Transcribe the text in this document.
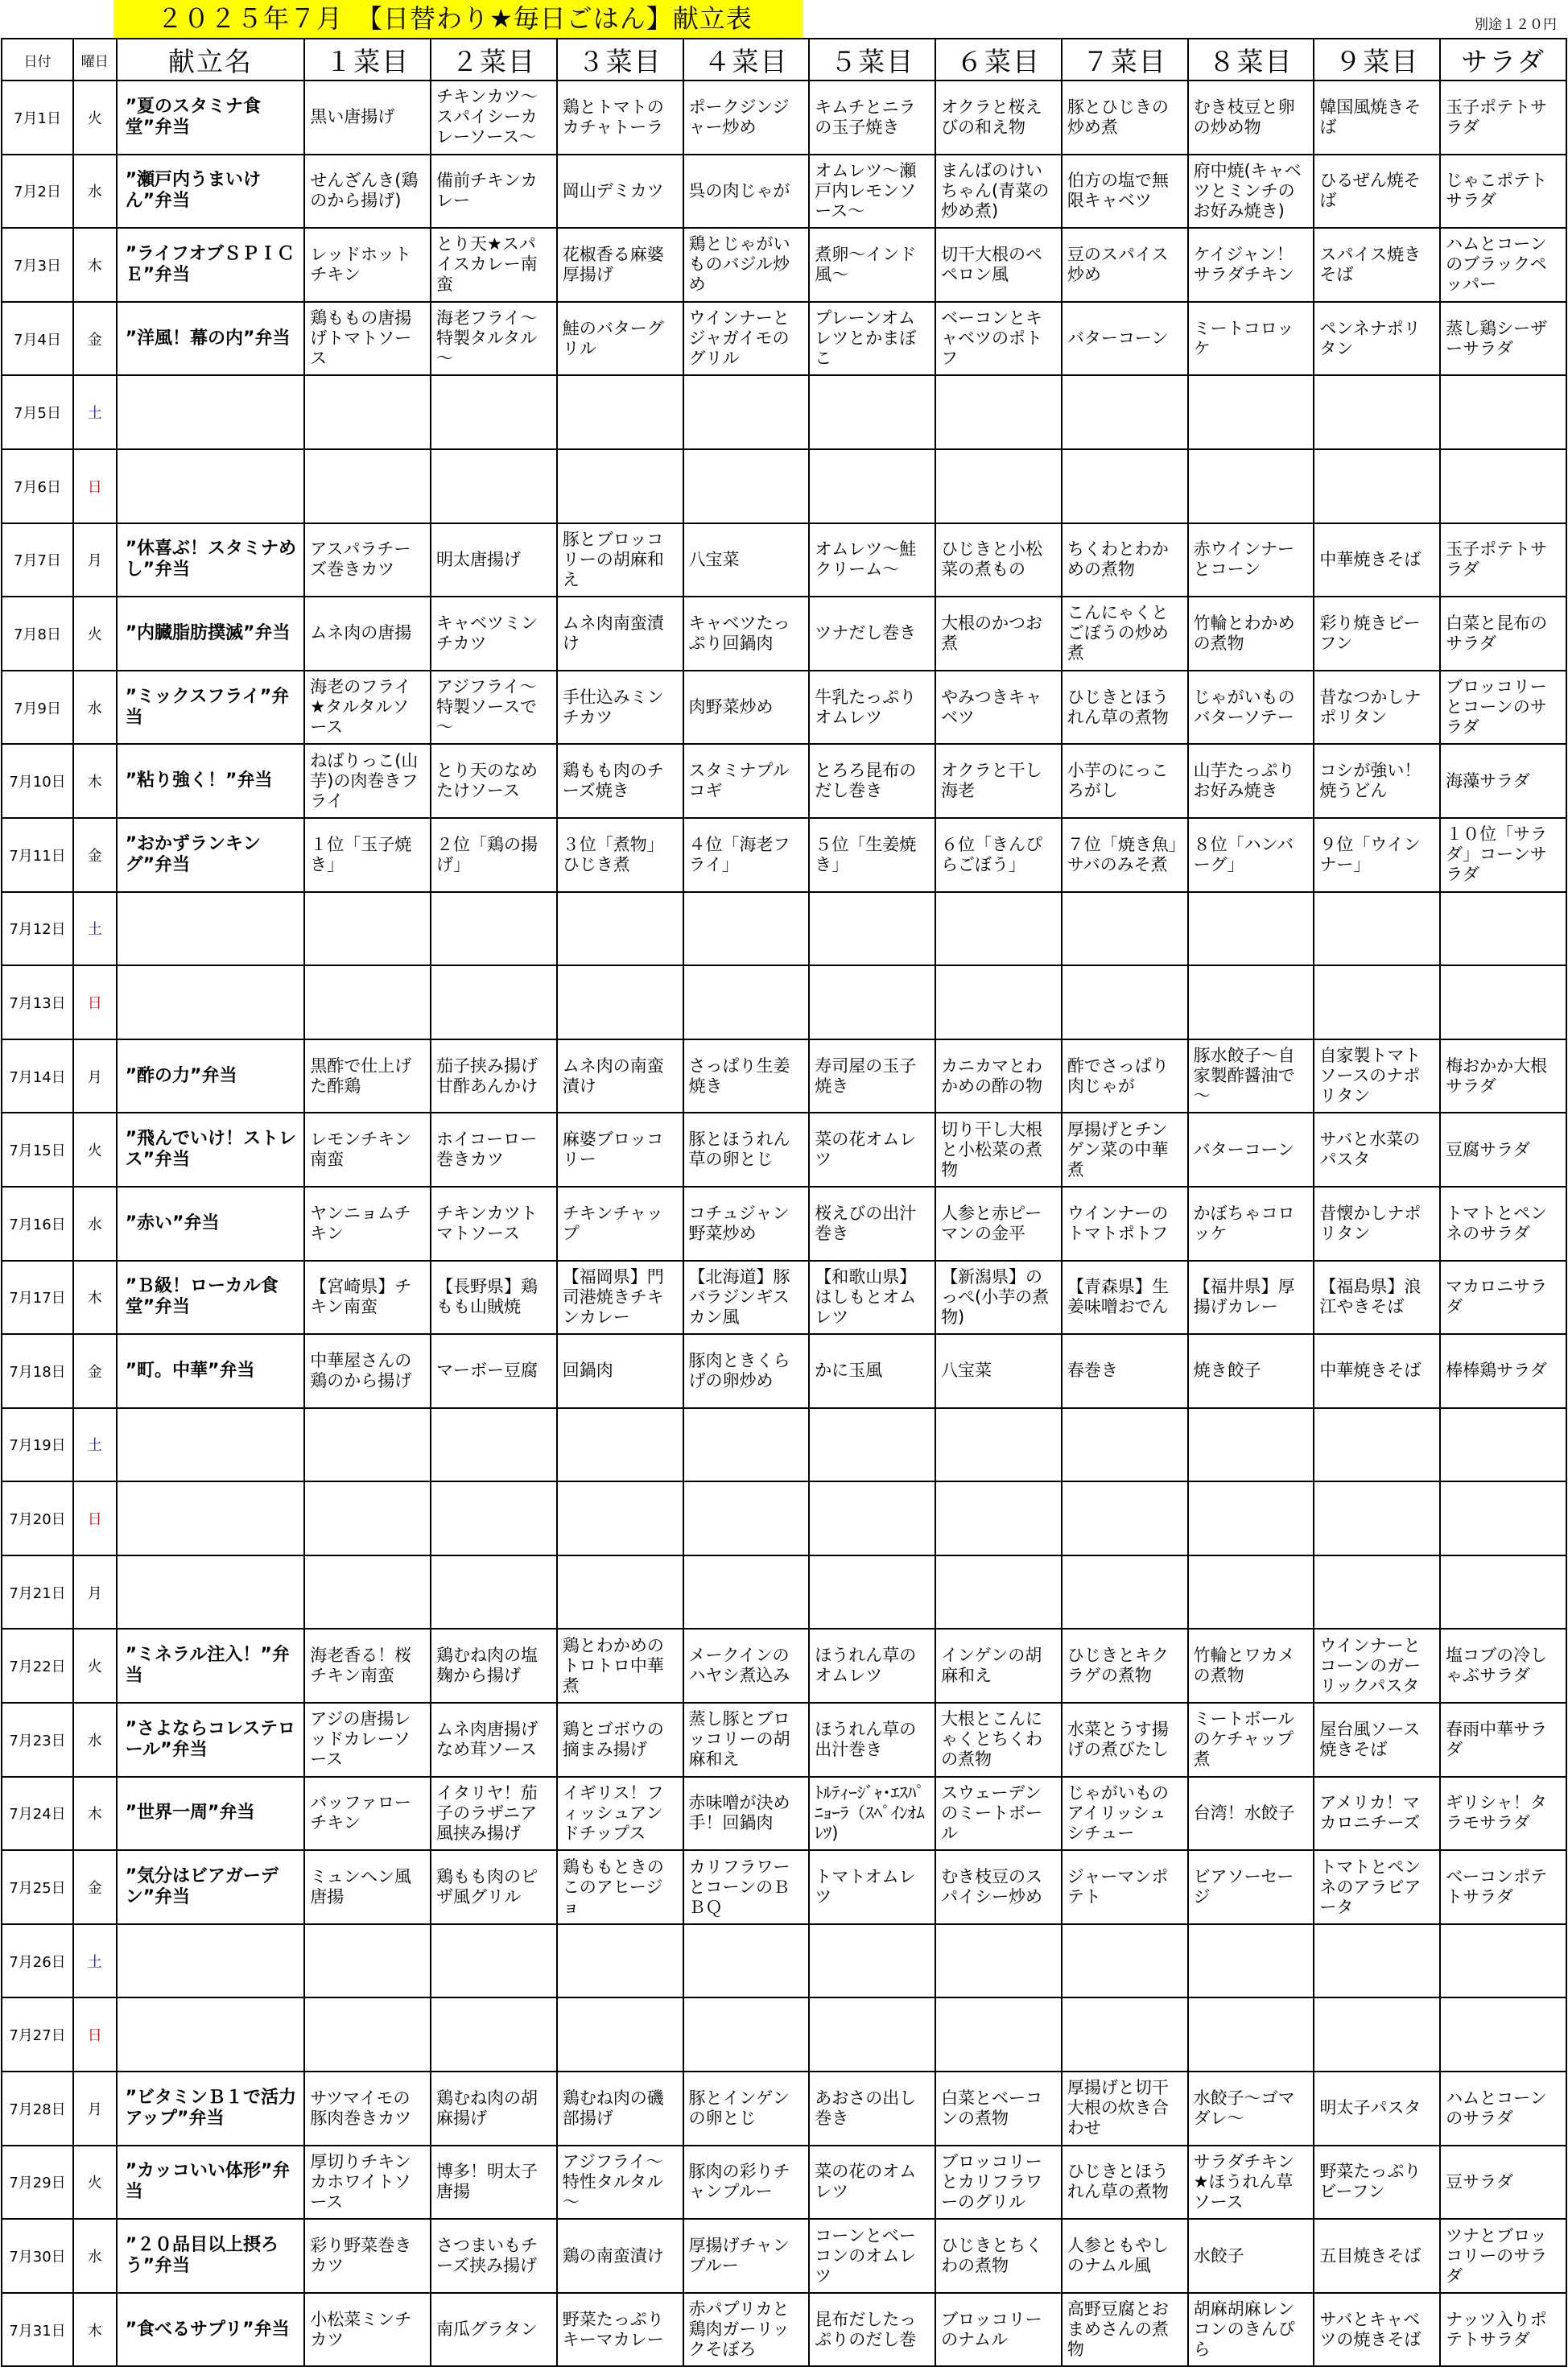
２０２５年７月　【日替わり★毎日ごはん】献立表	別途１２０円
日付	曜日	献立名	１菜目	２菜目	３菜目	４菜目	５菜目	６菜目	７菜目	８菜目	９菜目	サラダ
7月1日	火	”夏のスタミナ食堂”弁当	黒い唐揚げ	チキンカツ～スパイシーカレーソース～	鶏とトマトのカチャトーラ	ポークジンジャー炒め	キムチとニラの玉子焼き	オクラと桜えびの和え物	豚とひじきの炒め煮	むき枝豆と卵の炒め物	韓国風焼きそば	玉子ポテトサラダ
7月2日	水	”瀬戸内うまいけん”弁当	せんざんき(鶏のから揚げ)	備前チキンカレー	岡山デミカツ	呉の肉じゃが	オムレツ～瀬戸内レモンソース～	まんばのけいちゃん(青菜の炒め煮)	伯方の塩で無限キャベツ	府中焼(キャベツとミンチのお好み焼き)	ひるぜん焼そば	じゃこポテトサラダ
7月3日	木	”ライフオブＳＰＩＣＥ”弁当	レッドホットチキン	とり天★スパイスカレー南蛮	花椒香る麻婆厚揚げ	鶏とじゃがいものバジル炒め	煮卵～インド風～	切干大根のペペロン風	豆のスパイス炒め	ケイジャン！サラダチキン	スパイス焼きそば	ハムとコーンのブラックペッパー
7月4日	金	”洋風！幕の内”弁当	鶏ももの唐揚げトマトソース	海老フライ～特製タルタル～	鮭のバターグリル	ウインナーとジャガイモのグリル	プレーンオムレツとかまぼこ	ベーコンとキャベツのポトフ	バターコーン	ミートコロッケ	ペンネナポリタン	蒸し鶏シーザーサラダ
7月5日	土											
7月6日	日											
7月7日	月	”休喜ぶ！スタミナめし”弁当	アスパラチーズ巻きカツ	明太唐揚げ	豚とブロッコリーの胡麻和え	八宝菜	オムレツ～鮭クリーム～	ひじきと小松菜の煮もの	ちくわとわかめの煮物	赤ウインナーとコーン	中華焼きそば	玉子ポテトサラダ
7月8日	火	”内臓脂肪撲滅”弁当	ムネ肉の唐揚	キャベツミンチカツ	ムネ肉南蛮漬け	キャベツたっぷり回鍋肉	ツナだし巻き	大根のかつお煮	こんにゃくとごぼうの炒め煮	竹輪とわかめの煮物	彩り焼きビーフン	白菜と昆布のサラダ
7月9日	水	”ミックスフライ”弁当	海老のフライ★タルタルソース	アジフライ～特製ソースで～	手仕込みミンチカツ	肉野菜炒め	牛乳たっぷりオムレツ	やみつきキャベツ	ひじきとほうれん草の煮物	じゃがいものバターソテー	昔なつかしナポリタン	ブロッコリーとコーンのサラダ
7月10日	木	”粘り強く！”弁当	ねばりっこ(山芋)の肉巻きフライ	とり天のなめたけソース	鶏もも肉のチーズ焼き	スタミナプルコギ	とろろ昆布のだし巻き	オクラと干し海老	小芋のにっころがし	山芋たっぷりお好み焼き	コシが強い！焼うどん	海藻サラダ
7月11日	金	”おかずランキング”弁当	１位「玉子焼き」	２位「鶏の揚げ」	３位「煮物」ひじき煮	４位「海老フライ」	５位「生姜焼き」	６位「きんぴらごぼう」	７位「焼き魚」サバのみそ煮	８位「ハンバーグ」	９位「ウインナー」	１０位「サラダ」コーンサラダ
7月12日	土											
7月13日	日											
7月14日	月	”酢の力”弁当	黒酢で仕上げた酢鶏	茄子挟み揚げ甘酢あんかけ	ムネ肉の南蛮漬け	さっぱり生姜焼き	寿司屋の玉子焼き	カニカマとわかめの酢の物	酢でさっぱり肉じゃが	豚水餃子～自家製酢醤油で～	自家製トマトソースのナポリタン	梅おかか大根サラダ
7月15日	火	”飛んでいけ！ストレス”弁当	レモンチキン南蛮	ホイコーロー巻きカツ	麻婆ブロッコリー	豚とほうれん草の卵とじ	菜の花オムレツ	切り干し大根と小松菜の煮物	厚揚げとチンゲン菜の中華煮	バターコーン	サバと水菜のパスタ	豆腐サラダ
7月16日	水	”赤い”弁当	ヤンニョムチキン	チキンカツトマトソース	チキンチャップ	コチュジャン野菜炒め	桜えびの出汁巻き	人参と赤ピーマンの金平	ウインナーのトマトポトフ	かぼちゃコロッケ	昔懐かしナポリタン	トマトとペンネのサラダ
7月17日	木	”Ｂ級！ローカル食堂”弁当	【宮崎県】チキン南蛮	【長野県】鶏もも山賊焼	【福岡県】門司港焼きチキンカレー	【北海道】豚バラジンギスカン風	【和歌山県】はしもとオムレツ	【新潟県】のっぺ(小芋の煮物)	【青森県】生姜味噌おでん	【福井県】厚揚げカレー	【福島県】浪江やきそば	マカロニサラダ
7月18日	金	”町。中華”弁当	中華屋さんの鶏のから揚げ	マーボー豆腐	回鍋肉	豚肉ときくらげの卵炒め	かに玉風	八宝菜	春巻き	焼き餃子	中華焼きそば	棒棒鶏サラダ
7月19日	土											
7月20日	日											
7月21日	月											
7月22日	火	”ミネラル注入！”弁当	海老香る！桜チキン南蛮	鶏むね肉の塩麹から揚げ	鶏とわかめのトロトロ中華煮	メークインのハヤシ煮込み	ほうれん草のオムレツ	インゲンの胡麻和え	ひじきとキクラゲの煮物	竹輪とワカメの煮物	ウインナーとコーンのガーリックパスタ	塩コブの冷しゃぶサラダ
7月23日	水	”さよならコレステロール”弁当	アジの唐揚レッドカレーソース	ムネ肉唐揚げなめ茸ソース	鶏とゴボウの摘まみ揚げ	蒸し豚とブロッコリーの胡麻和え	ほうれん草の出汁巻き	大根とこんにゃくとちくわの煮物	水菜とうす揚げの煮びたし	ミートボールのケチャップ煮	屋台風ソース焼きそば	春雨中華サラダ
7月24日	木	”世界一周”弁当	バッファローチキン	イタリヤ！茄子のラザニア風挟み揚げ	イギリス！フィッシュアンドチップス	赤味噌が決め手！回鍋肉	ﾄﾙﾃｨｰｼﾞｬ･ｴｽﾊﾟﾆｮｰﾗ（ｽﾍﾟｲﾝｵﾑﾚﾂ)	スウェーデンのミートボール	じゃがいものアイリッシュシチュー	台湾！水餃子	アメリカ！マカロニチーズ	ギリシャ！タラモサラダ
7月25日	金	”気分はビアガーデン”弁当	ミュンヘン風唐揚	鶏もも肉のピザ風グリル	鶏ももときのこのアヒージョ	カリフラワーとコーンのＢＢＱ	トマトオムレツ	むき枝豆のスパイシー炒め	ジャーマンポテト	ビアソーセージ	トマトとペンネのアラビアータ	ベーコンポテトサラダ
7月26日	土											
7月27日	日											
7月28日	月	”ビタミンＢ１で活力アップ”弁当	サツマイモの豚肉巻きカツ	鶏むね肉の胡麻揚げ	鶏むね肉の磯部揚げ	豚とインゲンの卵とじ	あおさの出し巻き	白菜とベーコンの煮物	厚揚げと切干大根の炊き合わせ	水餃子～ゴマダレ～	明太子パスタ	ハムとコーンのサラダ
7月29日	火	”カッコいい体形”弁当	厚切りチキンカホワイトソース	博多！明太子唐揚	アジフライ～特性タルタル～	豚肉の彩りチャンプルー	菜の花のオムレツ	ブロッコリーとカリフラワーのグリル	ひじきとほうれん草の煮物	サラダチキン★ほうれん草ソース	野菜たっぷりビーフン	豆サラダ
7月30日	水	”２０品目以上摂ろう”弁当	彩り野菜巻きカツ	さつまいもチーズ挟み揚げ	鶏の南蛮漬け	厚揚げチャンプルー	コーンとベーコンのオムレツ	ひじきとちくわの煮物	人参ともやしのナムル風	水餃子	五目焼きそば	ツナとブロッコリーのサラダ
7月31日	木	”食べるサプリ”弁当	小松菜ミンチカツ	南瓜グラタン	野菜たっぷりキーマカレー	赤パプリカと鶏肉ガーリックそぼろ	昆布だしたっぷりのだし巻	ブロッコリーのナムル	高野豆腐とおまめさんの煮物	胡麻胡麻レンコンのきんぴら	サバとキャベツの焼きそば	ナッツ入りポテトサラダ
